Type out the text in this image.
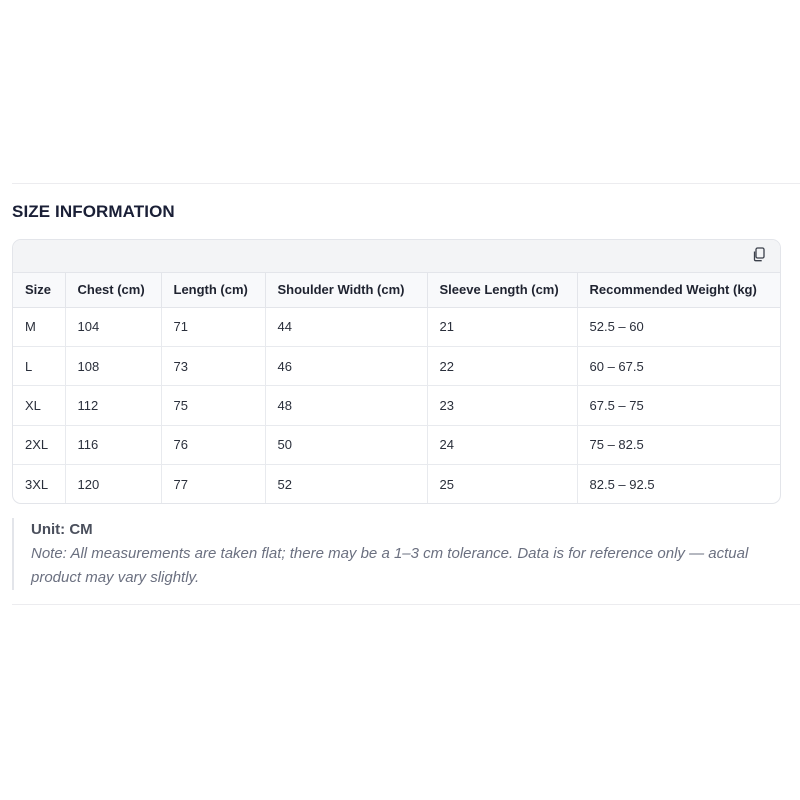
SIZE INFORMATION
Size	Chest (cm)	Length (cm)	Shoulder Width (cm)	Sleeve Length (cm)	Recommended Weight (kg)
M	104	71	44	21	52.5 – 60
L	108	73	46	22	60 – 67.5
XL	112	75	48	23	67.5 – 75
2XL	116	76	50	24	75 – 82.5
3XL	120	77	52	25	82.5 – 92.5

Unit: CM

Note: All measurements are taken flat; there may be a 1–3 cm tolerance. Data is for reference only — actual product may vary slightly.
